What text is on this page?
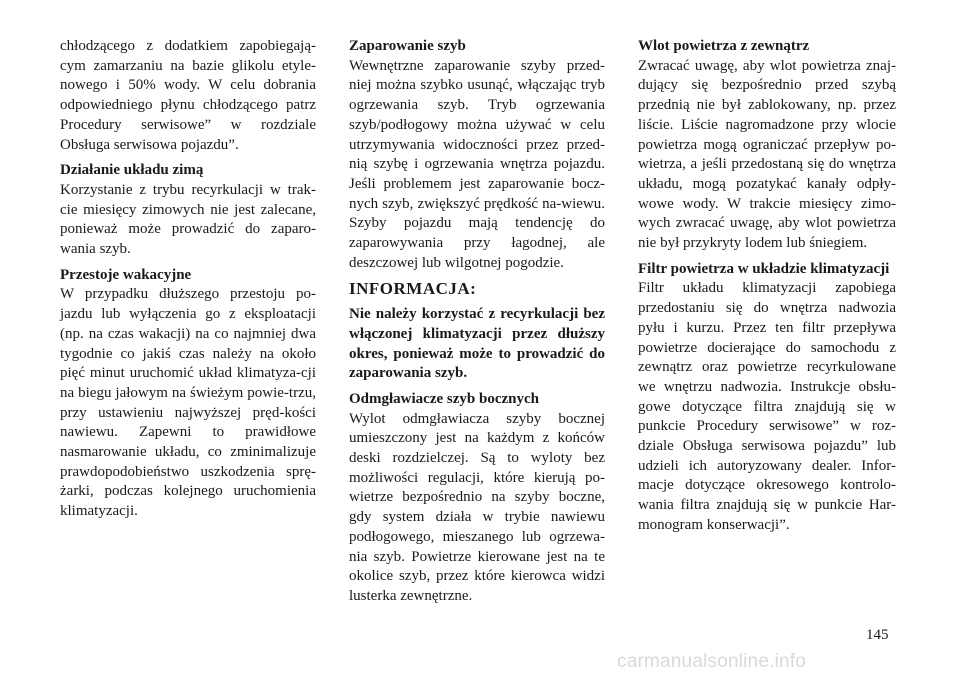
chłodzącego z dodatkiem zapobiegają-cym zamarzaniu na bazie glikolu etyle-nowego i 50% wody. W celu dobrania odpowiedniego płynu chłodzącego patrz Procedury serwisowe” w rozdziale Obsługa serwisowa pojazdu”.

Działanie układu zimą

Korzystanie z trybu recyrkulacji w trak-cie miesięcy zimowych nie jest zalecane, ponieważ może prowadzić do zaparo-wania szyb.

Przestoje wakacyjne

W przypadku dłuższego przestoju po-jazdu lub wyłączenia go z eksploatacji (np. na czas wakacji) na co najmniej dwa tygodnie co jakiś czas należy na około pięć minut uruchomić układ klimatyza-cji na biegu jałowym na świeżym powie-trzu, przy ustawieniu najwyższej pręd-kości nawiewu. Zapewni to prawidłowe nasmarowanie układu, co zminimalizuje prawdopodobieństwo uszkodzenia sprę-żarki, podczas kolejnego uruchomienia klimatyzacji.

Zaparowanie szyb

Wewnętrzne zaparowanie szyby przed-niej można szybko usunąć, włączając tryb ogrzewania szyb. Tryb ogrzewania szyb/podłogowy można używać w celu utrzymywania widoczności przez przed-nią szybę i ogrzewania wnętrza pojazdu. Jeśli problemem jest zaparowanie bocz-nych szyb, zwiększyć prędkość na-wiewu. Szyby pojazdu mają tendencję do zaparowywania przy łagodnej, ale deszczowej lub wilgotnej pogodzie.

INFORMACJA:

Nie należy korzystać z recyrkulacji bez włączonej klimatyzacji przez dłuższy okres, ponieważ może to prowadzić do zaparowania szyb.

Odmgławiacze szyb bocznych

Wylot odmgławiacza szyby bocznej umieszczony jest na każdym z końców deski rozdzielczej. Są to wyloty bez możliwości regulacji, które kierują po-wietrze bezpośrednio na szyby boczne, gdy system działa w trybie nawiewu podłogowego, mieszanego lub ogrzewa-nia szyb. Powietrze kierowane jest na te okolice szyb, przez które kierowca widzi lusterka zewnętrzne.

Wlot powietrza z zewnątrz

Zwracać uwagę, aby wlot powietrza znaj-dujący się bezpośrednio przed szybą przednią nie był zablokowany, np. przez liście. Liście nagromadzone przy wlocie powietrza mogą ograniczać przepływ po-wietrza, a jeśli przedostaną się do wnętrza układu, mogą pozatykać kanały odpły-wowe wody. W trakcie miesięcy zimo-wych zwracać uwagę, aby wlot powietrza nie był przykryty lodem lub śniegiem.

Filtr powietrza w układzie klimatyzacji

Filtr układu klimatyzacji zapobiega przedostaniu się do wnętrza nadwozia pyłu i kurzu. Przez ten filtr przepływa powietrze docierające do samochodu z zewnątrz oraz powietrze recyrkulowane we wnętrzu nadwozia. Instrukcje obsłu-gowe dotyczące filtra znajdują się w punkcie Procedury serwisowe” w roz-dziale Obsługa serwisowa pojazdu” lub udzieli ich autoryzowany dealer. Infor-macje dotyczące okresowego kontrolo-wania filtra znajdują się w punkcie Har-monogram konserwacji”.

145
carmanualsonline.info
